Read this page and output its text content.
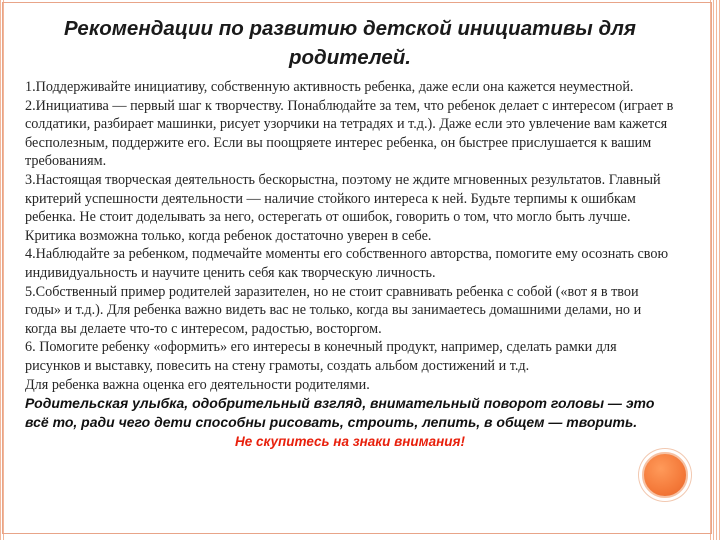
Рекомендации по развитию детской инициативы для родителей.

1.Поддерживайте инициативу, собственную активность ребенка, даже если она кажется неуместной.

2.Инициатива — первый шаг к творчеству. Понаблюдайте за тем, что ребенок делает с интересом (играет в солдатики, разбирает машинки, рисует узорчики на тетрадях и т.д.). Даже если это увлечение вам кажется бесполезным, поддержите его. Если вы поощряете интерес ребенка, он быстрее прислушается к вашим требованиям.

3.Настоящая творческая деятельность бескорыстна, поэтому не ждите мгновенных результатов. Главный критерий успешности деятельности — наличие стойкого интереса к ней. Будьте терпимы к ошибкам ребенка. Не стоит доделывать за него, остерегать от ошибок, говорить о том, что могло быть лучше. Критика возможна только, когда ребенок достаточно уверен в себе.

4.Наблюдайте за ребенком, подмечайте моменты его собственного авторства, помогите ему осознать свою индивидуальность и научите ценить себя как творческую личность.

5.Собственный пример родителей заразителен, но не стоит сравнивать ребенка с собой («вот я в твои годы» и т.д.). Для ребенка важно видеть вас не только, когда вы занимаетесь домашними делами, но и когда вы делаете что-то с интересом, радостью, восторгом.

6. Помогите ребенку «оформить» его интересы в конечный продукт, например, сделать рамки для рисунков и выставку, повесить на стену грамоты, создать альбом достижений и т.д.

Для ребенка важна оценка его деятельности родителями.

Родительская улыбка, одобрительный взгляд, внимательный поворот головы — это всё то, ради чего дети способны рисовать, строить, лепить, в общем — творить.

Не скупитесь на знаки внимания!
